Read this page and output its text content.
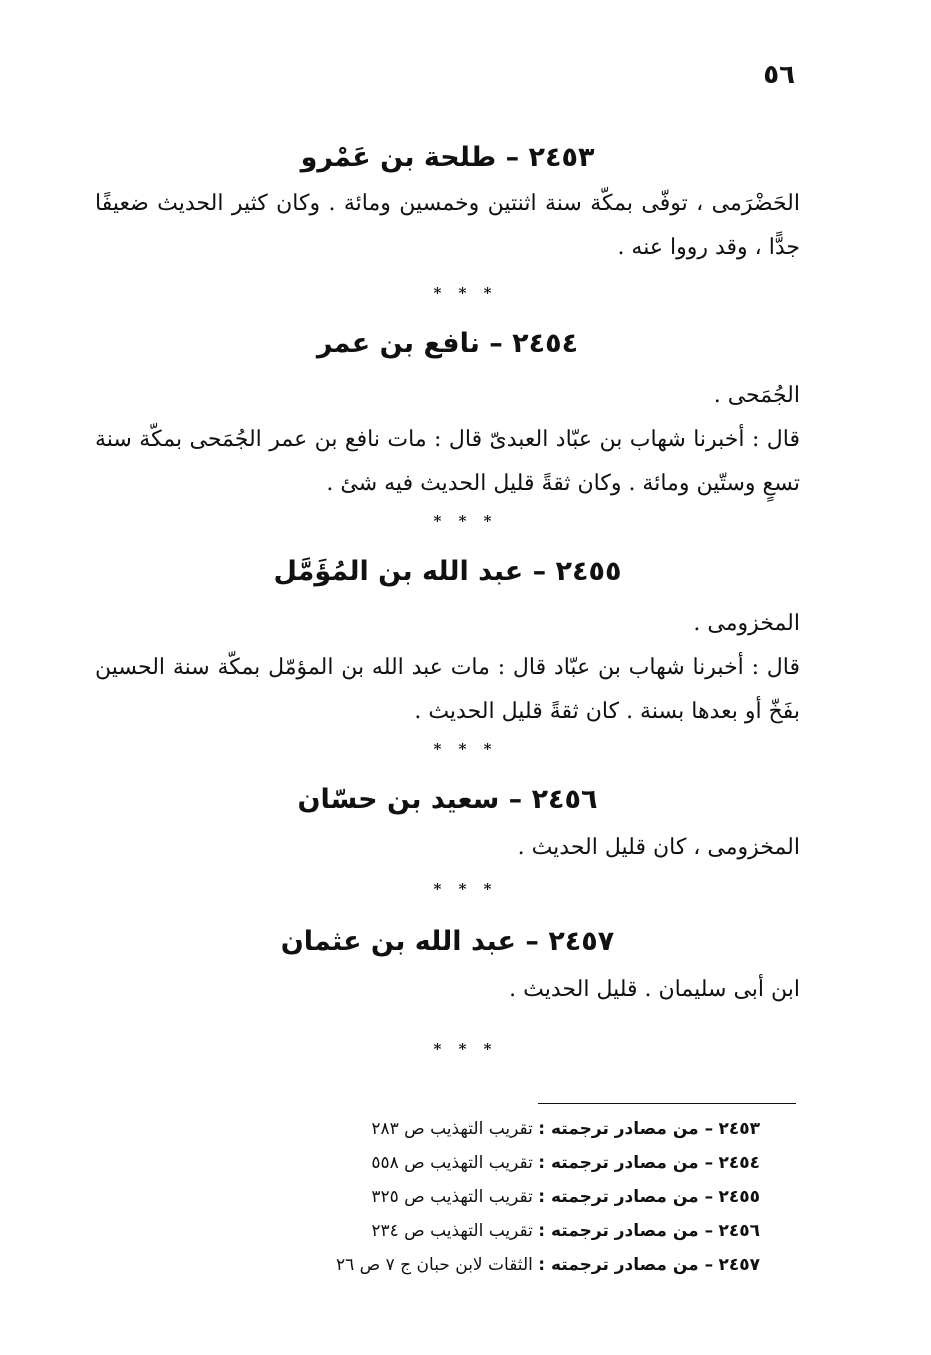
٥٦
٢٤٥٣ – طلحة بن عَمْرو

الحَضْرَمى ، توفّى بمكّة سنة اثنتين وخمسين ومائة . وكان كثير الحديث ضعيفًا جدًّا ، وقد رووا عنه .

* * *
٢٤٥٤ – نافع بن عمر

الجُمَحى .

قال : أخبرنا شهاب بن عبّاد العبدىّ قال : مات نافع بن عمر الجُمَحى بمكّة سنة تسعٍ وستّين ومائة . وكان ثقةً قليل الحديث فيه شئ .

* * *
٢٤٥٥ – عبد الله بن المُؤَمَّل

المخزومى .

قال : أخبرنا شهاب بن عبّاد قال : مات عبد الله بن المؤمّل بمكّة سنة الحسين بفَخّ أو بعدها بسنة . كان ثقةً قليل الحديث .

* * *
٢٤٥٦ – سعيد بن حسّان

المخزومى ، كان قليل الحديث .

* * *
٢٤٥٧ – عبد الله بن عثمان

ابن أبى سليمان . قليل الحديث .

* * *
٢٤٥٣ – من مصادر ترجمته : تقريب التهذيب ص ٢٨٣
٢٤٥٤ – من مصادر ترجمته : تقريب التهذيب ص ٥٥٨
٢٤٥٥ – من مصادر ترجمته : تقريب التهذيب ص ٣٢٥
٢٤٥٦ – من مصادر ترجمته : تقريب التهذيب ص ٢٣٤
٢٤٥٧ – من مصادر ترجمته : الثقات لابن حبان ج ٧ ص ٢٦
